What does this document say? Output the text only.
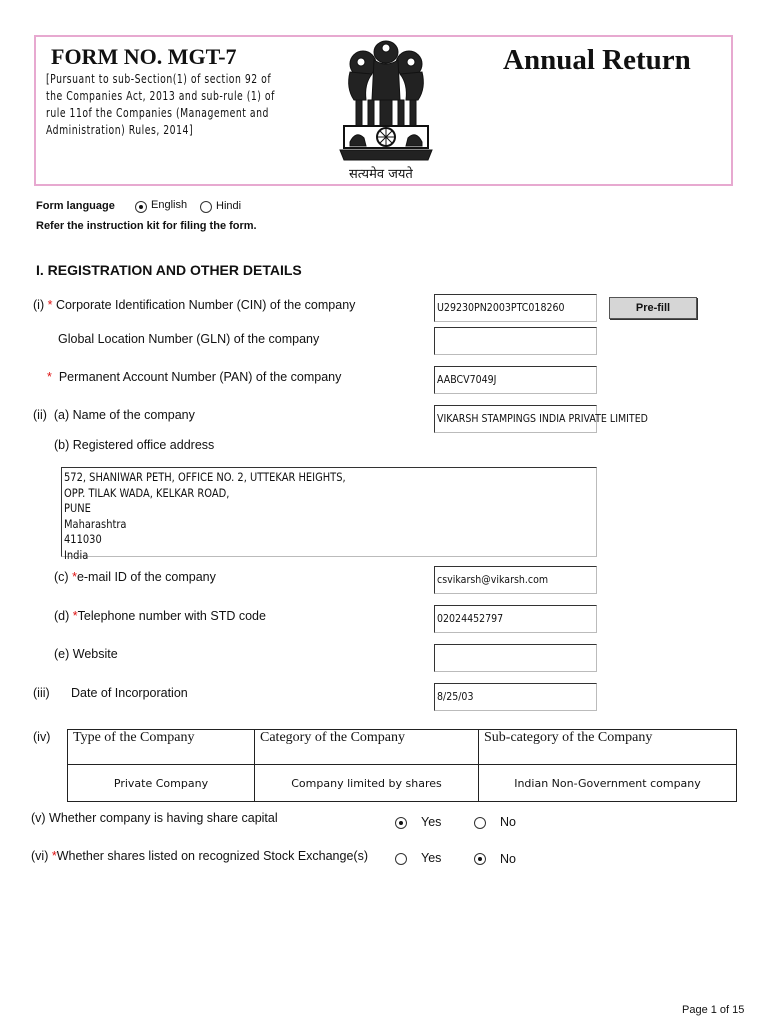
FORM NO. MGT-7
[Pursuant to sub-Section(1) of section 92 of
the Companies Act, 2013 and sub-rule (1) of
rule 11of the Companies (Management and
Administration) Rules, 2014]
Annual Return
सत्यमेव जयते
Form language	English	Hindi
Refer the instruction kit for filing the form.
I. REGISTRATION AND OTHER DETAILS
(i) * Corporate Identification Number (CIN) of the company	U29230PN2003PTC018260	Pre-fill
Global Location Number (GLN) of the company
* Permanent Account Number (PAN) of the company	AABCV7049J
(ii) (a) Name of the company	VIKARSH STAMPINGS INDIA PRIVATE LIMITED
(b) Registered office address
572, SHANIWAR PETH, OFFICE NO. 2, UTTEKAR HEIGHTS,
OPP. TILAK WADA, KELKAR ROAD,
PUNE
Maharashtra
411030
India
(c) *e-mail ID of the company	csvikarsh@vikarsh.com
(d) *Telephone number with STD code	02024452797
(e) Website
(iii) Date of Incorporation	8/25/03
(iv) Type of the Company	Category of the Company	Sub-category of the Company
Private Company	Company limited by shares	Indian Non-Government company
(v) Whether company is having share capital	Yes	No
(vi) *Whether shares listed on recognized Stock Exchange(s)	Yes	No
Page 1 of 15
